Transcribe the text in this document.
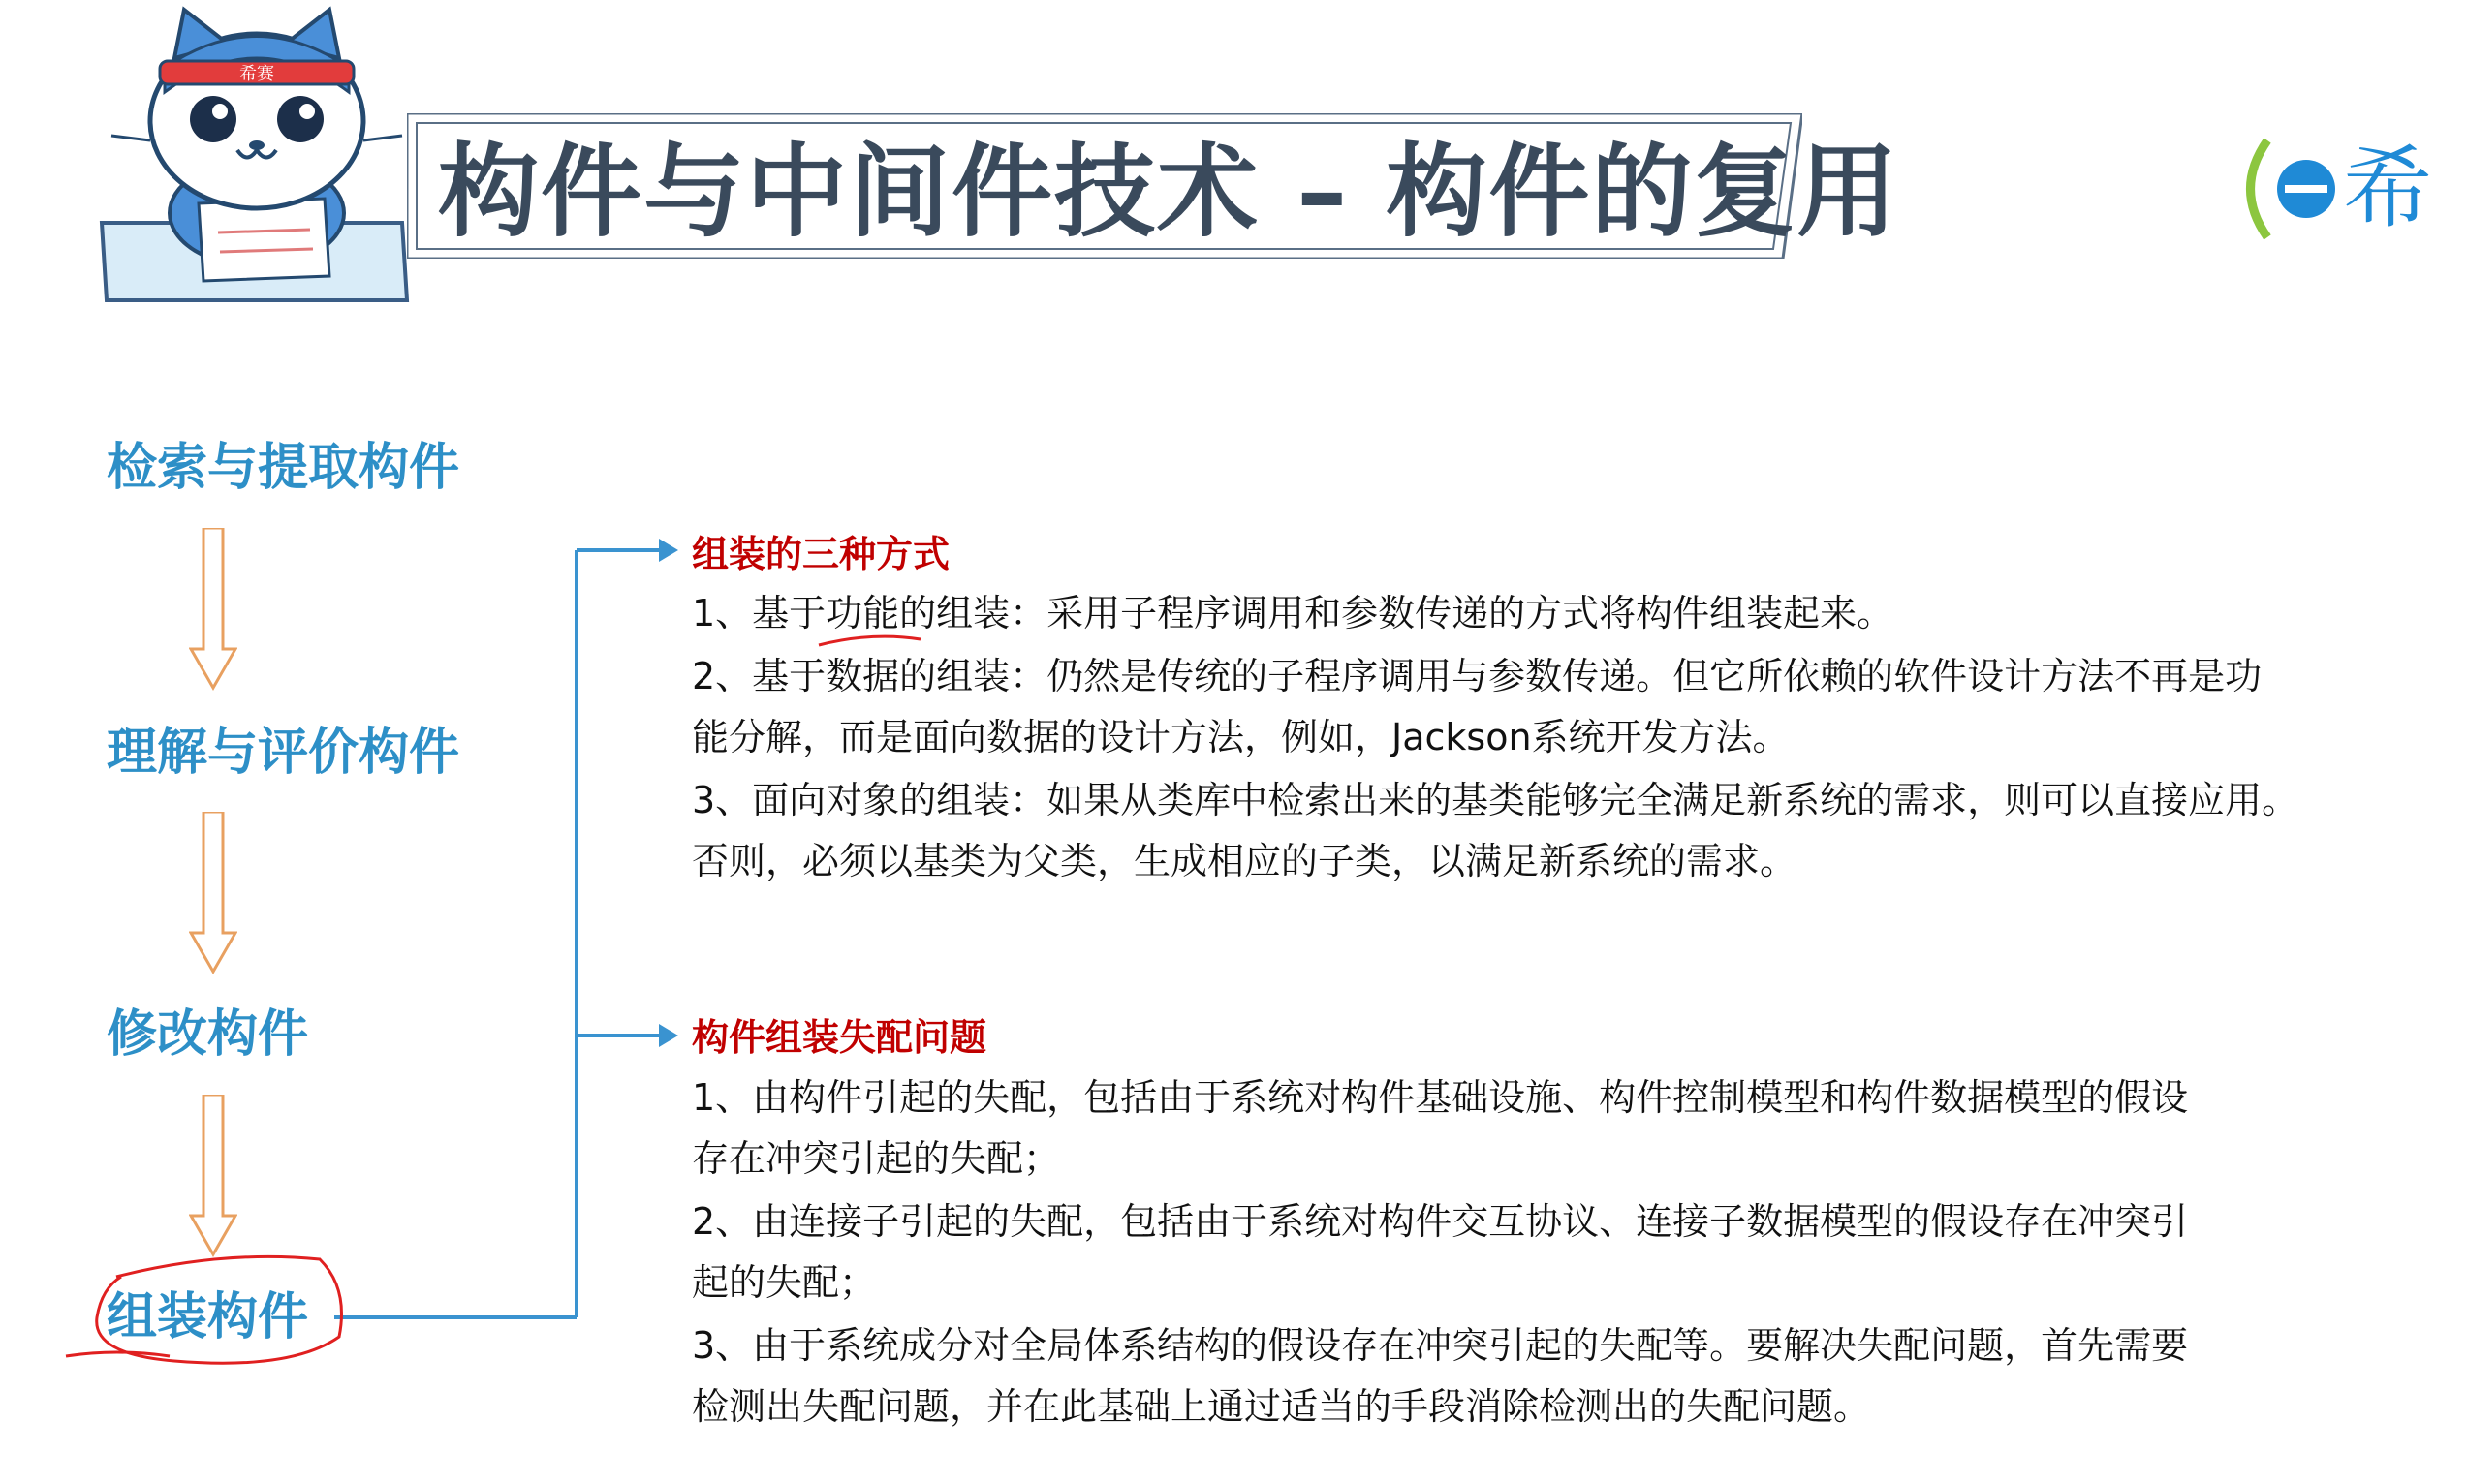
希赛
构件与中间件技术 – 构件的复用	希
检索与提取构件
理解与评价构件
修改构件
组装构件
组装的三种方式
1、基于功能的组装：采用子程序调用和参数传递的方式将构件组装起来。
2、基于数据的组装：仍然是传统的子程序调用与参数传递。但它所依赖的软件设计方法不再是功
能分解，而是面向数据的设计方法，例如，Jackson系统开发方法。
3、面向对象的组装：如果从类库中检索出来的基类能够完全满足新系统的需求，则可以直接应用。
否则，必须以基类为父类，生成相应的子类，以满足新系统的需求。
构件组装失配问题
1、由构件引起的失配，包括由于系统对构件基础设施、构件控制模型和构件数据模型的假设
存在冲突引起的失配；
2、由连接子引起的失配，包括由于系统对构件交互协议、连接子数据模型的假设存在冲突引
起的失配；
3、由于系统成分对全局体系结构的假设存在冲突引起的失配等。要解决失配问题，首先需要
检测出失配问题，并在此基础上通过适当的手段消除检测出的失配问题。
